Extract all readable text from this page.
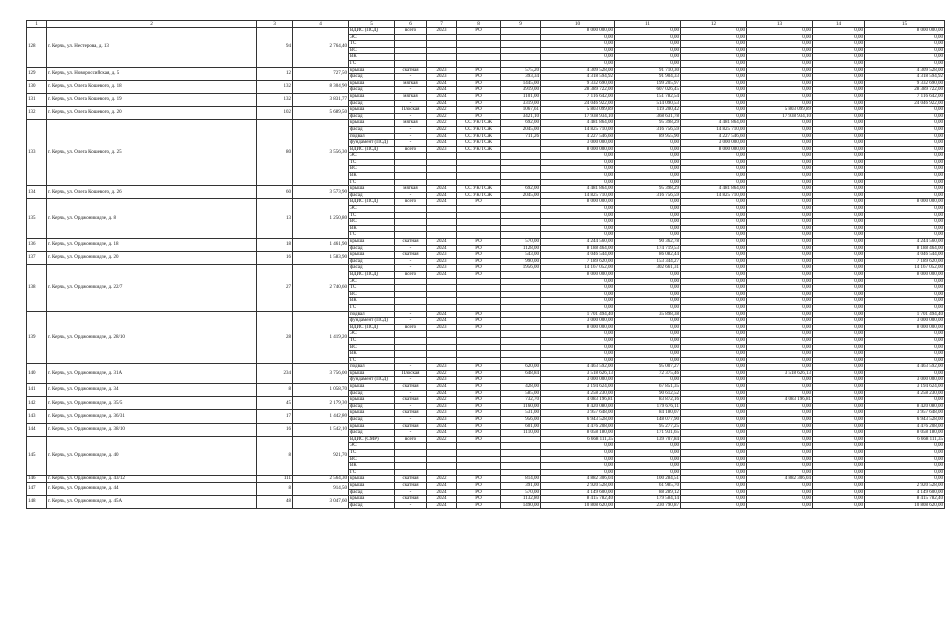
1	2	3	4	5	6	7	8	9	10	11	12	13	14	15
128	г. Керчь, ул. Нестерова, д. 13	94	2 764,40	ВДИС (ПСД)	всего	2023	РО		8 000 000,00	0,00	0,00	0,00	0,00	8 000 000,00
				ЭС					0,00	0,00	0,00	0,00	0,00	0,00
				ТС					0,00	0,00	0,00	0,00	0,00	0,00
				ВС					0,00	0,00	0,00	0,00	0,00	0,00
				ВК					0,00	0,00	0,00	0,00	0,00	0,00
				ГС					0,00	0,00	0,00	0,00	0,00	0,00
129	г. Керчь, ул. Новороссийская, д. 5	12	727,50	крыша	скатная	2023	РО	575,20	4 309 528,00	91 710,30	0,00	0,00	0,00	4 309 528,00
				фасад	-	2023	РО	393,34	4 318 594,92	91 904,33	0,00	0,00	0,00	4 318 594,92
130	г. Керчь, ул. Олега Кошевого, д. 18	132	8 304,90	крыша	мягкая	2024	РО	1445,00	9 332 690,00	199 205,97	0,00	0,00	0,00	9 332 690,00
				фасад	-	2024	РО	3919,00	28 389 722,00	607 026,45	0,00	0,00	0,00	28 389 722,00
131	г. Керчь, ул. Олега Кошевого, д. 19	132	3 831,77	крыша	мягкая	2024	РО	1101,00	7 116 642,00	151 782,54	0,00	0,00	0,00	7 116 642,00
				фасад	-	2024	РО	3319,00	24 046 922,00	514 090,53	0,00	0,00	0,00	24 046 922,00
132	г. Керчь, ул. Олега Кошевого, д. 20	102	5 689,50	крыша	Плоская	2022	РО	1067,61	5 803 099,89	119 200,42	0,00	5 803 099,89	0,00	0,00
				фасад	-	2022	РО	3421,10	17 938 934,10	368 631,78	0,00	17 938 934,10	0,00	0,00
133	г. Керчь, ул. Олега Кошевого, д. 25	80	3 556,30	крыша	мягкая	2022	СС УК/ТСЖ	692,00	4 481 864,00	95 398,29	4 481 864,00	0,00	0,00	0,00
				фасад	-	2022	СС УК/ТСЖ	2045,00	14 825 710,00	316 756,59	14 825 710,00	0,00	0,00	0,00
				подвал	-	2024	СС УК/ТСЖ	711,26	4 227 546,60	89 955,90	4 227 546,60	0,00	0,00	0,00
				фундамент (ПСД)	-	2024	СС УК/ТСЖ		3 000 000,00	0,00	3 000 000,00	0,00	0,00	0,00
				ВДИС (ПСД)	всего	2023	СС УК/ТСЖ		8 000 000,00	0,00	8 000 000,00	0,00	0,00	0,00
				ЭС					0,00	0,00	0,00	0,00	0,00	0,00
				ТС					0,00	0,00	0,00	0,00	0,00	0,00
				ВС					0,00	0,00	0,00	0,00	0,00	0,00
				ВК					0,00	0,00	0,00	0,00	0,00	0,00
				ГС					0,00	0,00	0,00	0,00	0,00	0,00
134	г. Керчь, ул. Олега Кошевого, д. 26	60	3 573,90	крыша	мягкая	2024	СС УК/ТСЖ	692,00	4 481 864,00	95 398,29	4 481 864,00	0,00	0,00	0,00
				фасад	-	2024	СС УК/ТСЖ	2045,00	14 825 710,00	316 756,59	14 825 710,00	0,00	0,00	0,00
135	г. Керчь, ул. Орджоникидзе, д. 8	13	1 250,80	ВДИС (ПСД)	всего	2024	РО		8 000 000,00	0,00	0,00	0,00	0,00	8 000 000,00
				ЭС					0,00	0,00	0,00	0,00	0,00	0,00
				ТС					0,00	0,00	0,00	0,00	0,00	0,00
				ВС					0,00	0,00	0,00	0,00	0,00	0,00
				ВК					0,00	0,00	0,00	0,00	0,00	0,00
				ГС					0,00	0,00	0,00	0,00	0,00	0,00
136	г. Керчь, ул. Орджоникидзе, д. 18	18	1 461,90	крыша	скатная	2024	РО	570,00	4 244 560,00	90 362,78	0,00	0,00	0,00	4 244 560,00
				фасад	-	2024	РО	1128,00	8 188 464,00	174 719,53	0,00	0,00	0,00	8 188 464,00
137	г. Керчь, ул. Орджоникидзе, д. 20	16	1 583,90	крыша	скатная	2023	РО	543,00	4 046 544,00	86 082,44	0,00	0,00	0,00	4 046 544,00
				фасад	-	2023	РО	990,00	7 189 620,00	153 344,27	0,00	0,00	0,00	7 189 620,00
138	г. Керчь, ул. Орджоникидзе, д. 22/7	27	2 740,60	фасад	-	2023	РО	1956,00	14 167 052,00	302 661,31	0,00	0,00	0,00	14 167 052,00
				ВДИС (ПСД)	всего	2024	РО		8 000 000,00	0,00	0,00	0,00	0,00	8 000 000,00
				ЭС					0,00	0,00	0,00	0,00	0,00	0,00
				ТС					0,00	0,00	0,00	0,00	0,00	0,00
				ВС					0,00	0,00	0,00	0,00	0,00	0,00
				ВК					0,00	0,00	0,00	0,00	0,00	0,00
				ГС					0,00	0,00	0,00	0,00	0,00	0,00
139	г. Керчь, ул. Орджоникидзе, д. 28/10	28	1 419,20	подвал	-	2024	РО		1 701 494,40	35 898,38	0,00	0,00	0,00	1 701 494,40
				фундамент (ПСД)	-	2024	РО		3 000 000,00	0,00	0,00	0,00	0,00	3 000 000,00
				ВДИС (ПСД)	всего	2023	РО		8 000 000,00	0,00	0,00	0,00	0,00	8 000 000,00
				ЭС					0,00	0,00	0,00	0,00	0,00	0,00
				ТС					0,00	0,00	0,00	0,00	0,00	0,00
				ВС					0,00	0,00	0,00	0,00	0,00	0,00
				ВК					0,00	0,00	0,00	0,00	0,00	0,00
				ГС					0,00	0,00	0,00	0,00	0,00	0,00
140	г. Керчь, ул. Орджоникидзе, д. 31А	234	3 756,00	подвал	-	2023	РО	620,00	4 463 592,00	95 007,27	0,00	0,00	0,00	4 463 592,00
				крыша	Плоская	2022	РО	648,84	3 518 626,13	72 375,46	0,00	3 518 626,13	0,00	0,00
				фундамент (ПСД)	-	2023	РО		3 000 000,00	0,00	0,00	0,00	0,00	3 000 000,00
141	г. Керчь, ул. Орджоникидзе, д. 34	8	1 058,70	крыша	скатная	2024	РО	428,00	3 194 624,00	67 851,35	0,00	0,00	0,00	3 194 624,00
				фасад	-	2024	РО	585,00	4 258 230,00	90 612,52	0,00	0,00	0,00	4 258 230,00
142	г. Керчь, ул. Орджоникидзе, д. 35/5	45	2 179,30	крыша	скатная	2022	РО	732,70	4 083 196,81	83 872,16	0,00	4 083 196,81	0,00	0,00
				фасад	-	2023	РО	1160,00	8 420 080,00	179 676,11	0,00	0,00	0,00	8 420 080,00
143	г. Керчь, ул. Орджоникидзе, д. 36/31	17	1 442,80	крыша	скатная	2023	РО	531,00	3 957 648,00	84 180,07	0,00	0,00	0,00	3 957 648,00
				фасад	-	2023	РО	956,00	6 943 528,00	148 077,90	0,00	0,00	0,00	6 943 528,00
144	г. Керчь, ул. Орджоникидзе, д. 38/10	16	1 542,10	крыша	скатная	2024	РО	601,00	4 476 208,00	95 277,25	0,00	0,00	0,00	4 476 208,00
				фасад	-	2024	РО	1110,00	8 058 180,00	171 931,65	0,00	0,00	0,00	8 058 180,00
145	г. Керчь, ул. Орджоникидзе, д. 40	8	921,70	ВДИС (СМР)	всего	2022	РО		6 668 111,35	139 707,84	0,00	0,00	0,00	6 668 111,35
				ЭС					0,00	0,00	0,00	0,00	0,00	0,00
				ТС					0,00	0,00	0,00	0,00	0,00	0,00
				ВС					0,00	0,00	0,00	0,00	0,00	0,00
				ВК					0,00	0,00	0,00	0,00	0,00	0,00
				ГС					0,00	0,00	0,00	0,00	0,00	0,00
146	г. Керчь, ул. Орджоникидзе, д. 43/12	111	2 564,30	крыша	скатная	2022	РО	814,00	4 882 306,04	100 284,51	0,00	4 882 306,04	0,00	0,00
147	г. Керчь, ул. Орджоникидзе, д. 44	8	914,50	крыша	скатная	2024	РО	391,00	2 920 528,00	61 985,70	0,00	0,00	0,00	2 920 528,00
				фасад	-	2024	РО	570,00	4 149 600,00	88 289,12	0,00	0,00	0,00	4 149 600,00
148	г. Керчь, ул. Орджоникидзе, д. 45А	48	3 047,60	крыша	скатная	2024	РО	1132,80	8 415 782,40	179 584,14	0,00	0,00	0,00	8 415 782,40
				фасад	-	2024	РО	1490,00	10 808 620,00	230 790,87	0,00	0,00	0,00	10 808 620,00
